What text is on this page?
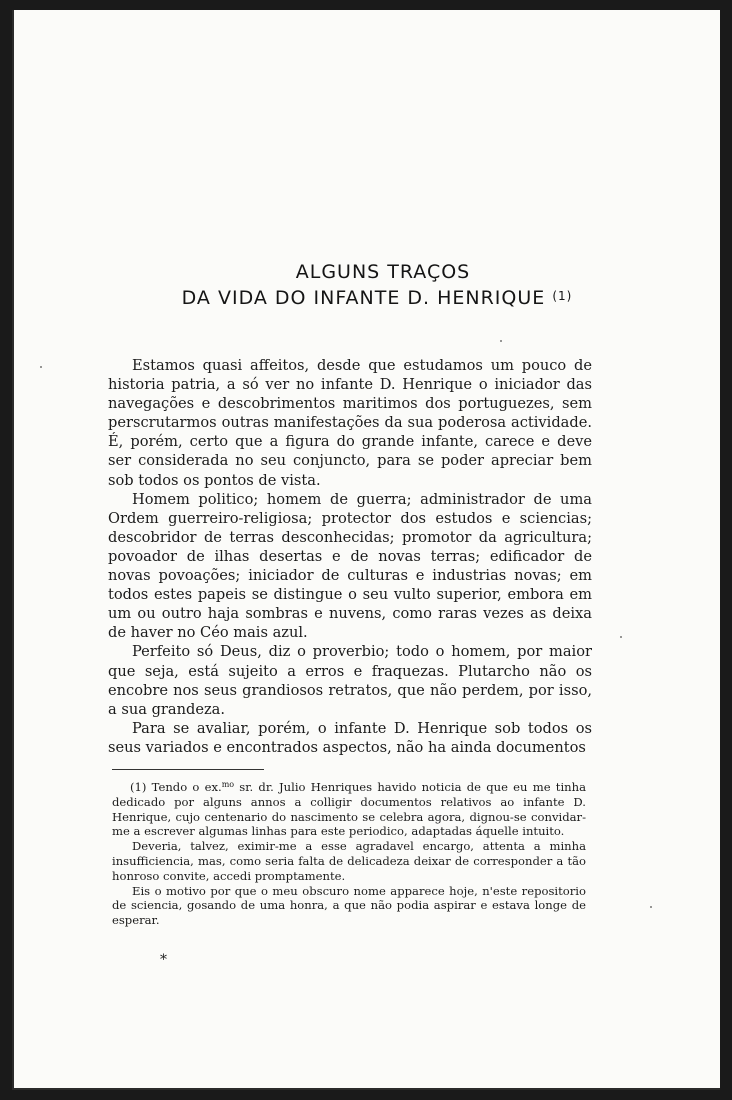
ALGUNS TRAÇOS
DA VIDA DO INFANTE D. HENRIQUE $^{(1)}$

Estamos quasi affeitos, desde que estudamos um pouco de historia patria, a só ver no infante D. Henrique o iniciador das navegações e descobrimentos maritimos dos portuguezes, sem perscrutarmos outras manifestações da sua poderosa actividade. É, porém, certo que a figura do grande infante, carece e deve ser considerada no seu conjuncto, para se poder apreciar bem sob todos os pontos de vista.

Homem politico; homem de guerra; administrador de uma Ordem guerreiro-religiosa; protector dos estudos e sciencias; descobridor de terras desconhecidas; promotor da agricultura; povoador de ilhas desertas e de novas terras; edificador de novas povoações; iniciador de culturas e industrias novas; em todos estes papeis se distingue o seu vulto superior, embora em um ou outro haja sombras e nuvens, como raras vezes as deixa de haver no Céo mais azul.

Perfeito só Deus, diz o proverbio; todo o homem, por maior que seja, está sujeito a erros e fraquezas. Plutarcho não os encobre nos seus grandiosos retratos, que não perdem, por isso, a sua grandeza.

Para se avaliar, porém, o infante D. Henrique sob todos os seus variados e encontrados aspectos, não ha ainda documentos

(1) Tendo o ex.$^{mo}$ sr. dr. Julio Henriques havido noticia de que eu me tinha dedicado por alguns annos a colligir documentos relativos ao infante D. Henrique, cujo centenario do nascimento se celebra agora, dignou-se convidar-me a escrever algumas linhas para este periodico, adaptadas áquelle intuito.

Deveria, talvez, eximir-me a esse agradavel encargo, attenta a minha insufficiencia, mas, como seria falta de delicadeza deixar de corresponder a tão honroso convite, accedi promptamente.

Eis o motivo por que o meu obscuro nome apparece hoje, n'este repositorio de sciencia, gosando de uma honra, a que não podia aspirar e estava longe de esperar.

*
